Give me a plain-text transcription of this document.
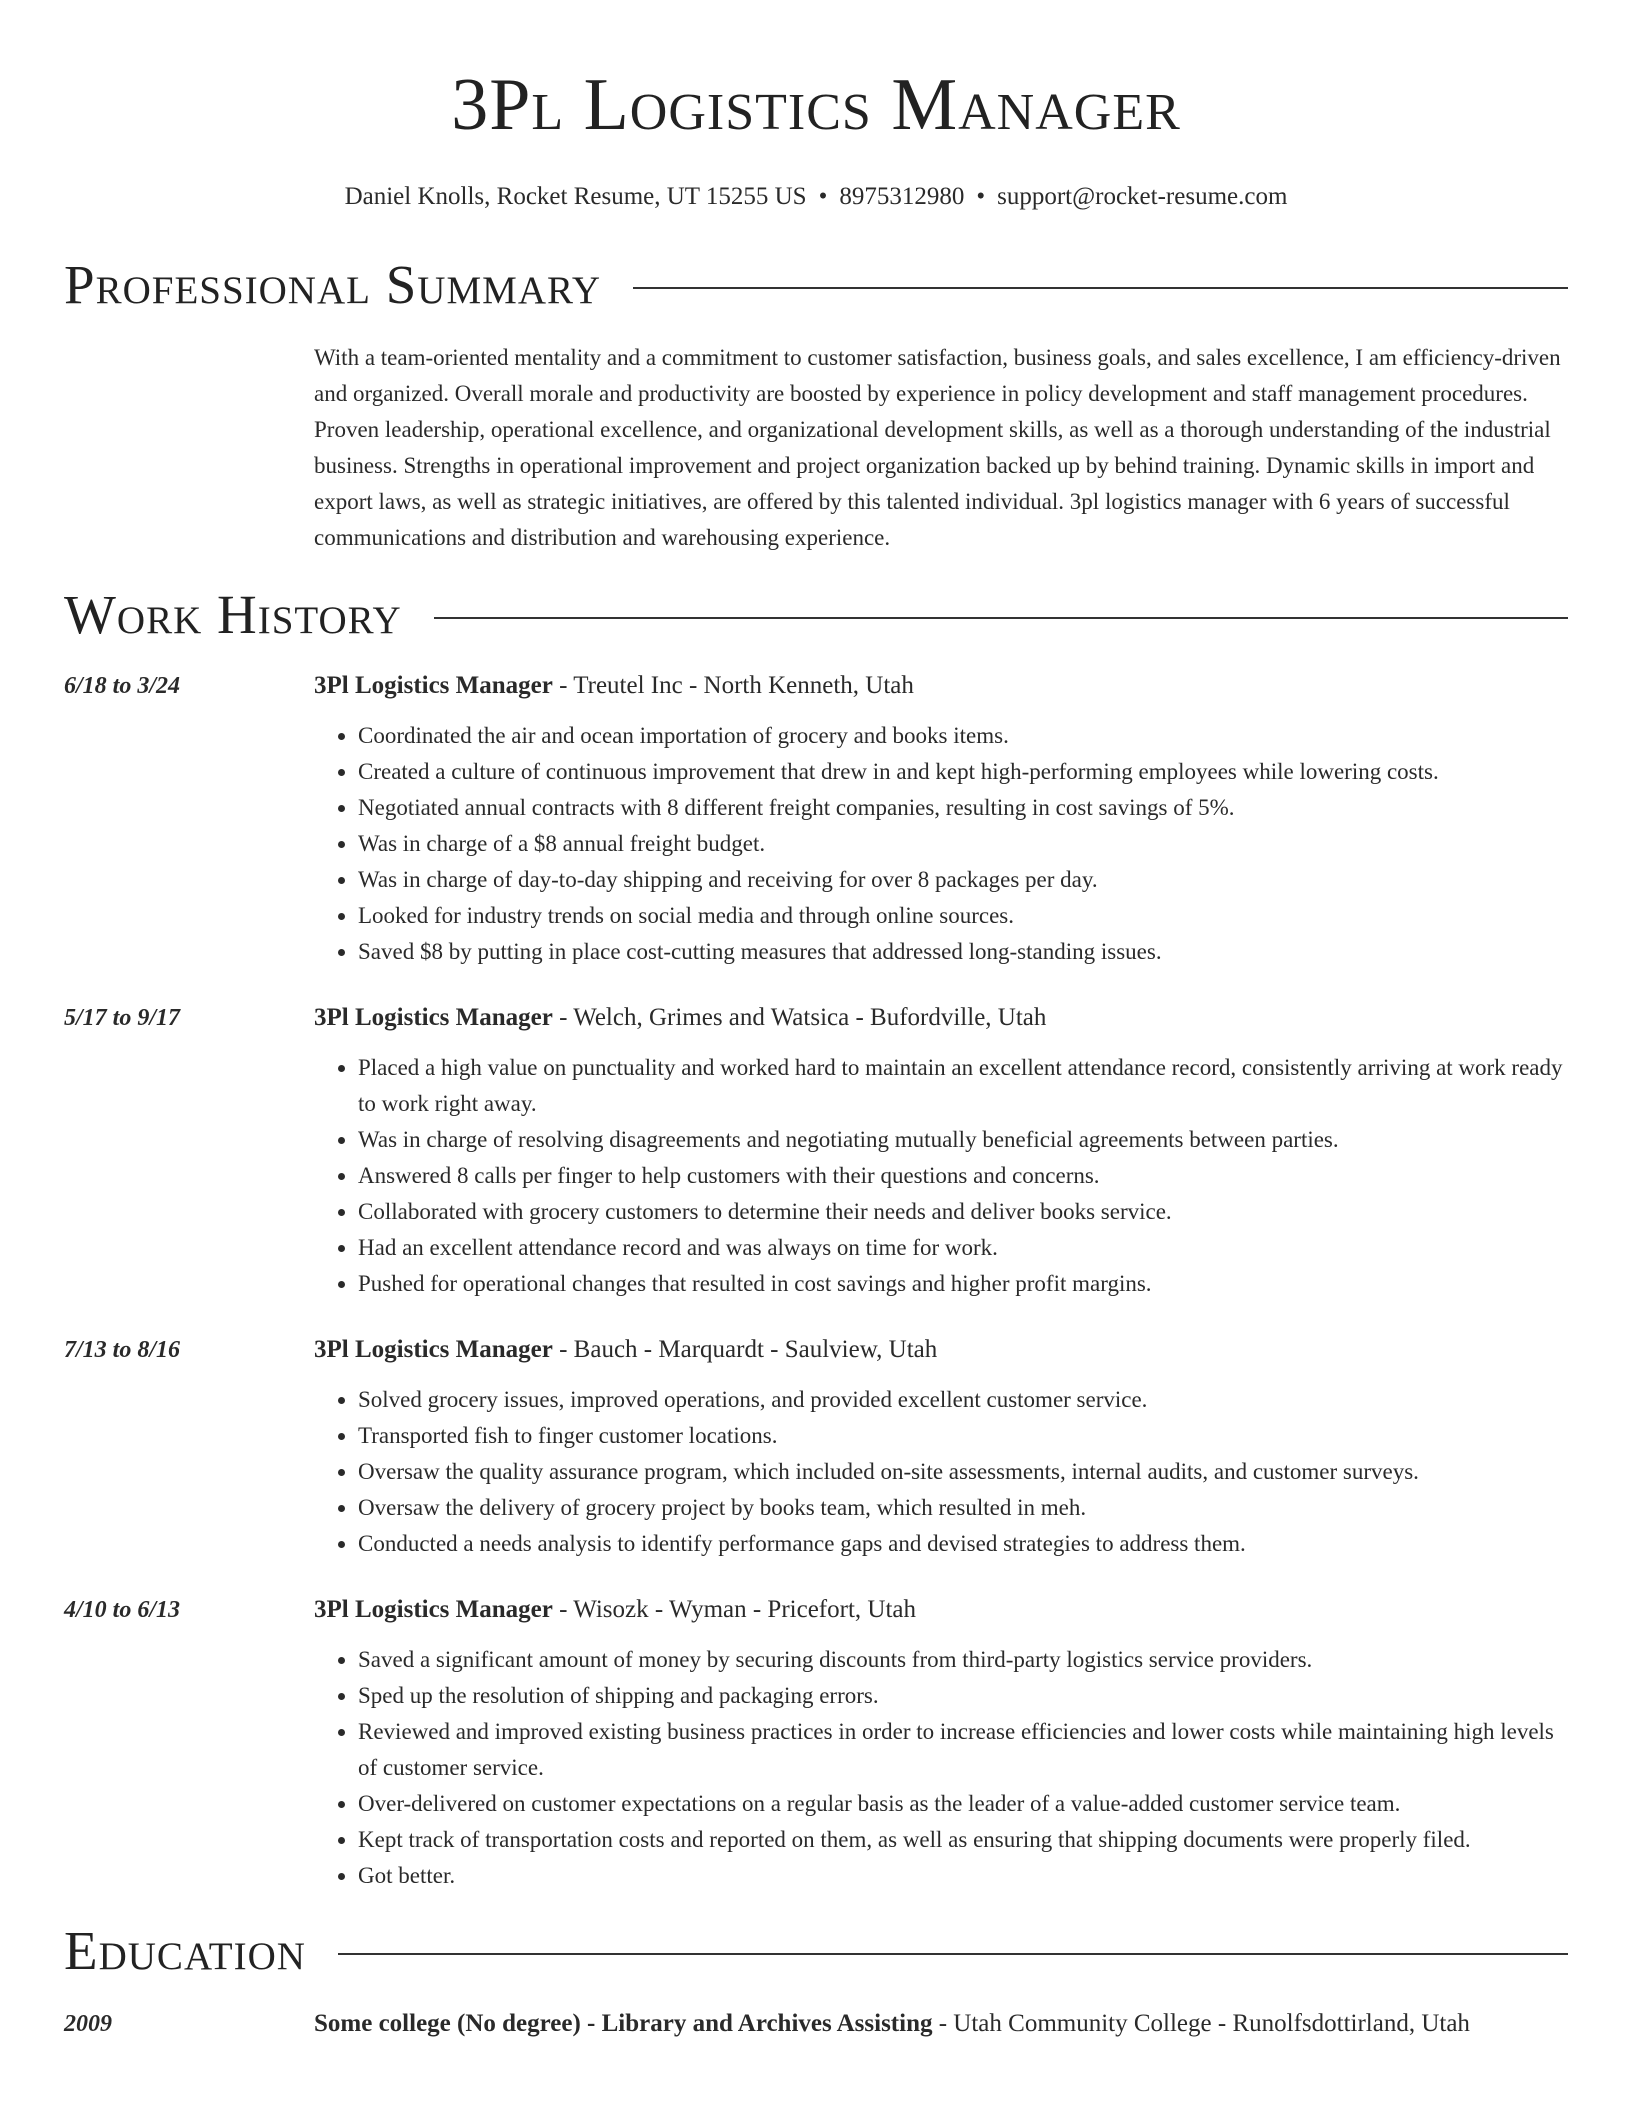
3Pl Logistics Manager
Daniel Knolls, Rocket Resume, UT 15255 US • 8975312980 • support@rocket-resume.com
Professional Summary
With a team-oriented mentality and a commitment to customer satisfaction, business goals, and sales excellence, I am efficiency-driven and organized. Overall morale and productivity are boosted by experience in policy development and staff management procedures. Proven leadership, operational excellence, and organizational development skills, as well as a thorough understanding of the industrial business. Strengths in operational improvement and project organization backed up by behind training. Dynamic skills in import and export laws, as well as strategic initiatives, are offered by this talented individual. 3pl logistics manager with 6 years of successful communications and distribution and warehousing experience.
Work History
6/18 to 3/24	3Pl Logistics Manager - Treutel Inc - North Kenneth, Utah
• Coordinated the air and ocean importation of grocery and books items.
• Created a culture of continuous improvement that drew in and kept high-performing employees while lowering costs.
• Negotiated annual contracts with 8 different freight companies, resulting in cost savings of 5%.
• Was in charge of a $8 annual freight budget.
• Was in charge of day-to-day shipping and receiving for over 8 packages per day.
• Looked for industry trends on social media and through online sources.
• Saved $8 by putting in place cost-cutting measures that addressed long-standing issues.
5/17 to 9/17	3Pl Logistics Manager - Welch, Grimes and Watsica - Bufordville, Utah
• Placed a high value on punctuality and worked hard to maintain an excellent attendance record, consistently arriving at work ready to work right away.
• Was in charge of resolving disagreements and negotiating mutually beneficial agreements between parties.
• Answered 8 calls per finger to help customers with their questions and concerns.
• Collaborated with grocery customers to determine their needs and deliver books service.
• Had an excellent attendance record and was always on time for work.
• Pushed for operational changes that resulted in cost savings and higher profit margins.
7/13 to 8/16	3Pl Logistics Manager - Bauch - Marquardt - Saulview, Utah
• Solved grocery issues, improved operations, and provided excellent customer service.
• Transported fish to finger customer locations.
• Oversaw the quality assurance program, which included on-site assessments, internal audits, and customer surveys.
• Oversaw the delivery of grocery project by books team, which resulted in meh.
• Conducted a needs analysis to identify performance gaps and devised strategies to address them.
4/10 to 6/13	3Pl Logistics Manager - Wisozk - Wyman - Pricefort, Utah
• Saved a significant amount of money by securing discounts from third-party logistics service providers.
• Sped up the resolution of shipping and packaging errors.
• Reviewed and improved existing business practices in order to increase efficiencies and lower costs while maintaining high levels of customer service.
• Over-delivered on customer expectations on a regular basis as the leader of a value-added customer service team.
• Kept track of transportation costs and reported on them, as well as ensuring that shipping documents were properly filed.
• Got better.
Education
2009	Some college (No degree) - Library and Archives Assisting - Utah Community College - Runolfsdottirland, Utah
